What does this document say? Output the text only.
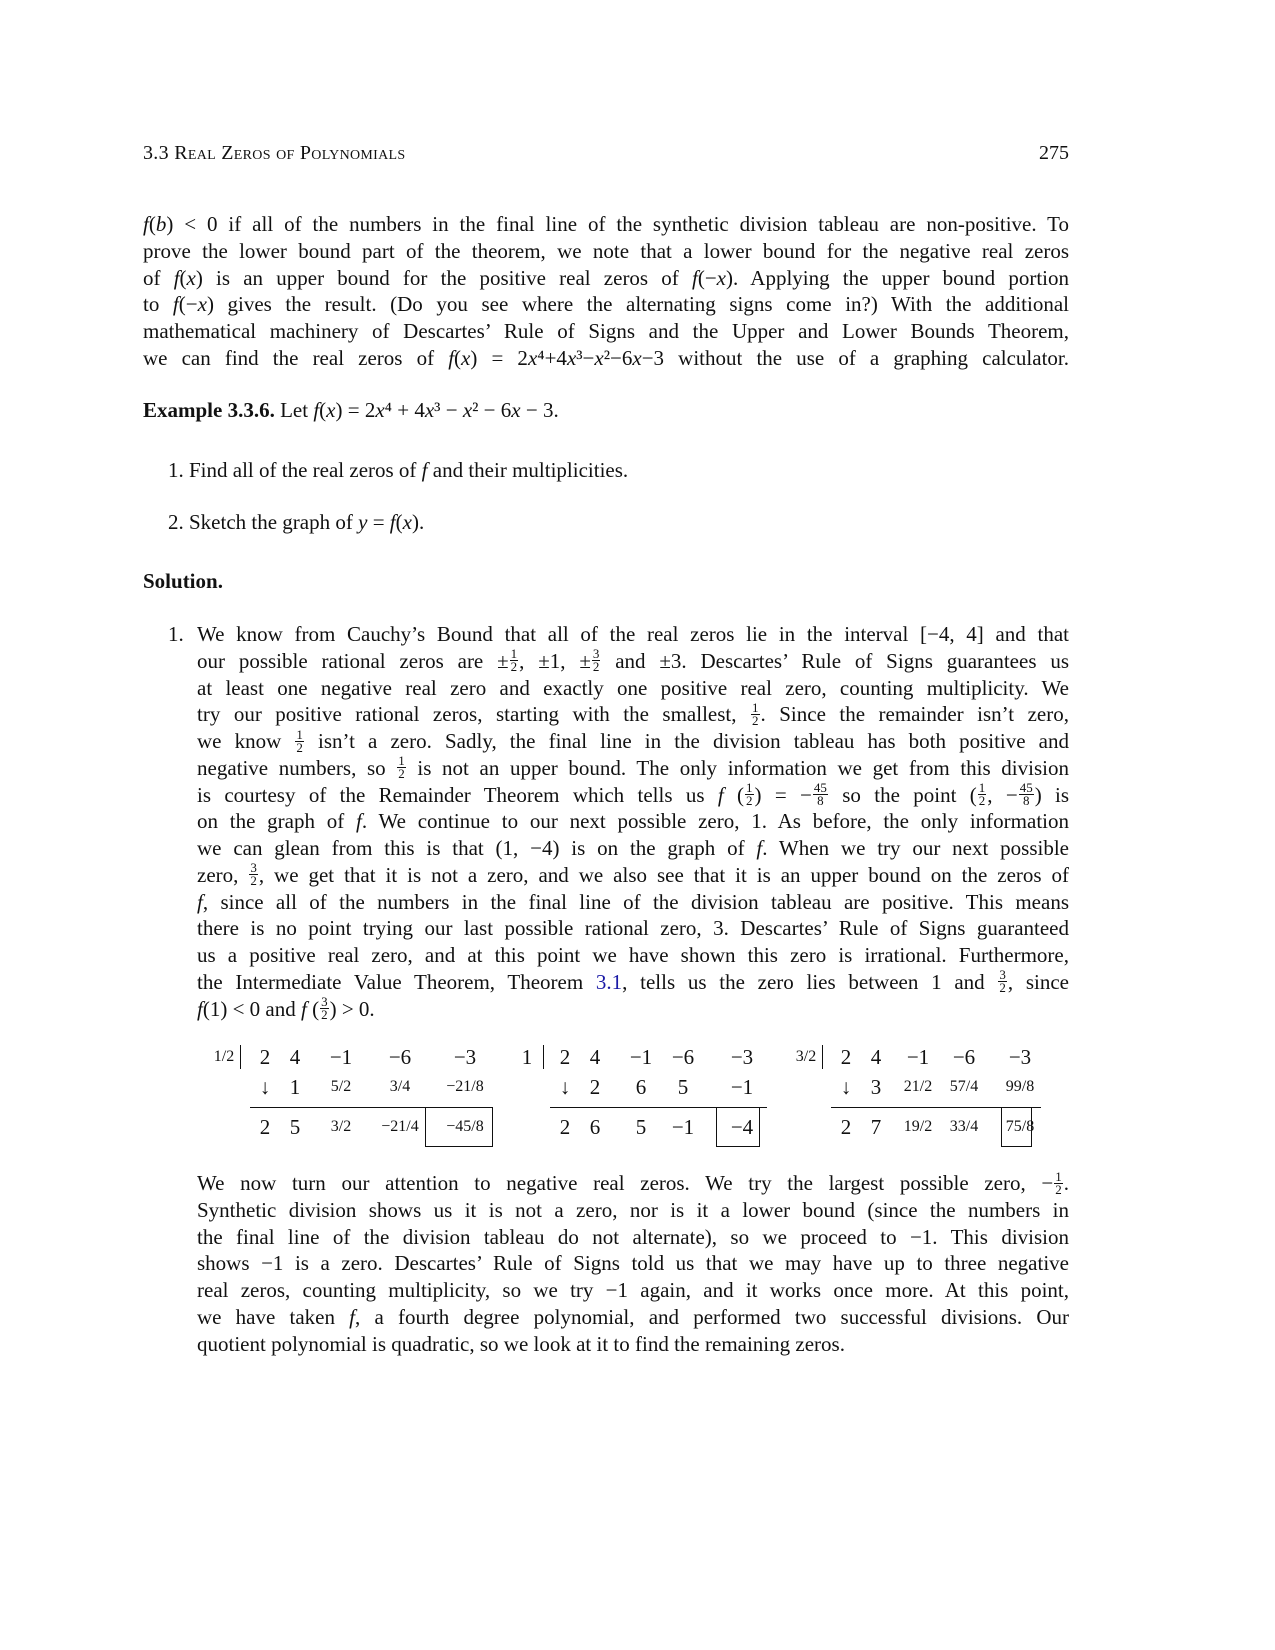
3.3 Real Zeros of Polynomials	275
f(b) < 0 if all of the numbers in the final line of the synthetic division tableau are non-positive. To
prove the lower bound part of the theorem, we note that a lower bound for the negative real zeros
of f(x) is an upper bound for the positive real zeros of f(−x). Applying the upper bound portion
to f(−x) gives the result. (Do you see where the alternating signs come in?) With the additional
mathematical machinery of Descartes’ Rule of Signs and the Upper and Lower Bounds Theorem,
we can find the real zeros of f(x) = 2x⁴+4x³−x²−6x−3 without the use of a graphing calculator.
Example 3.3.6. Let f(x) = 2x⁴ + 4x³ − x² − 6x − 3.
1. Find all of the real zeros of f and their multiplicities.
2. Sketch the graph of y = f(x).
Solution.
1. We know from Cauchy’s Bound that all of the real zeros lie in the interval [−4, 4] and that
our possible rational zeros are ± $\frac{1}{2}$ , ±1, ± $\frac{3}{2}$ and ±3. Descartes’ Rule of Signs guarantees us
at least one negative real zero and exactly one positive real zero, counting multiplicity. We
try our positive rational zeros, starting with the smallest, $\frac{1}{2}$ . Since the remainder isn’t zero,
we know $\frac{1}{2}$ isn’t a zero. Sadly, the final line in the division tableau has both positive and
negative numbers, so $\frac{1}{2}$ is not an upper bound. The only information we get from this division
is courtesy of the Remainder Theorem which tells us f ( $\frac{1}{2}$ ) = − $\frac{45}{8}$ so the point ( $\frac{1}{2}$ , − $\frac{45}{8}$ ) is
on the graph of f. We continue to our next possible zero, 1. As before, the only information
we can glean from this is that (1, −4) is on the graph of f. When we try our next possible
zero, $\frac{3}{2}$ , we get that it is not a zero, and we also see that it is an upper bound on the zeros of
f, since all of the numbers in the final line of the division tableau are positive. This means
there is no point trying our last possible rational zero, 3. Descartes’ Rule of Signs guaranteed
us a positive real zero, and at this point we have shown this zero is irrational. Furthermore,
the Intermediate Value Theorem, Theorem 3.1, tells us the zero lies between 1 and $\frac{3}{2}$ , since
f(1) < 0 and f ( $\frac{3}{2}$ ) > 0.
1/2 2 4 −1 −6 −3
↓ 1 5/2 3/4 −21/8
2 5 3/2 −21/4 −45/8
1 2 4 −1 −6 −3
↓ 2 6 5 −1
2 6 5 −1 −4
3/2 2 4 −1 −6 −3
↓ 3 21/2 57/4 99/8
2 7 19/2 33/4 75/8
We now turn our attention to negative real zeros. We try the largest possible zero, − $\frac{1}{2}$ .
Synthetic division shows us it is not a zero, nor is it a lower bound (since the numbers in
the final line of the division tableau do not alternate), so we proceed to −1. This division
shows −1 is a zero. Descartes’ Rule of Signs told us that we may have up to three negative
real zeros, counting multiplicity, so we try −1 again, and it works once more. At this point,
we have taken f, a fourth degree polynomial, and performed two successful divisions. Our
quotient polynomial is quadratic, so we look at it to find the remaining zeros.
